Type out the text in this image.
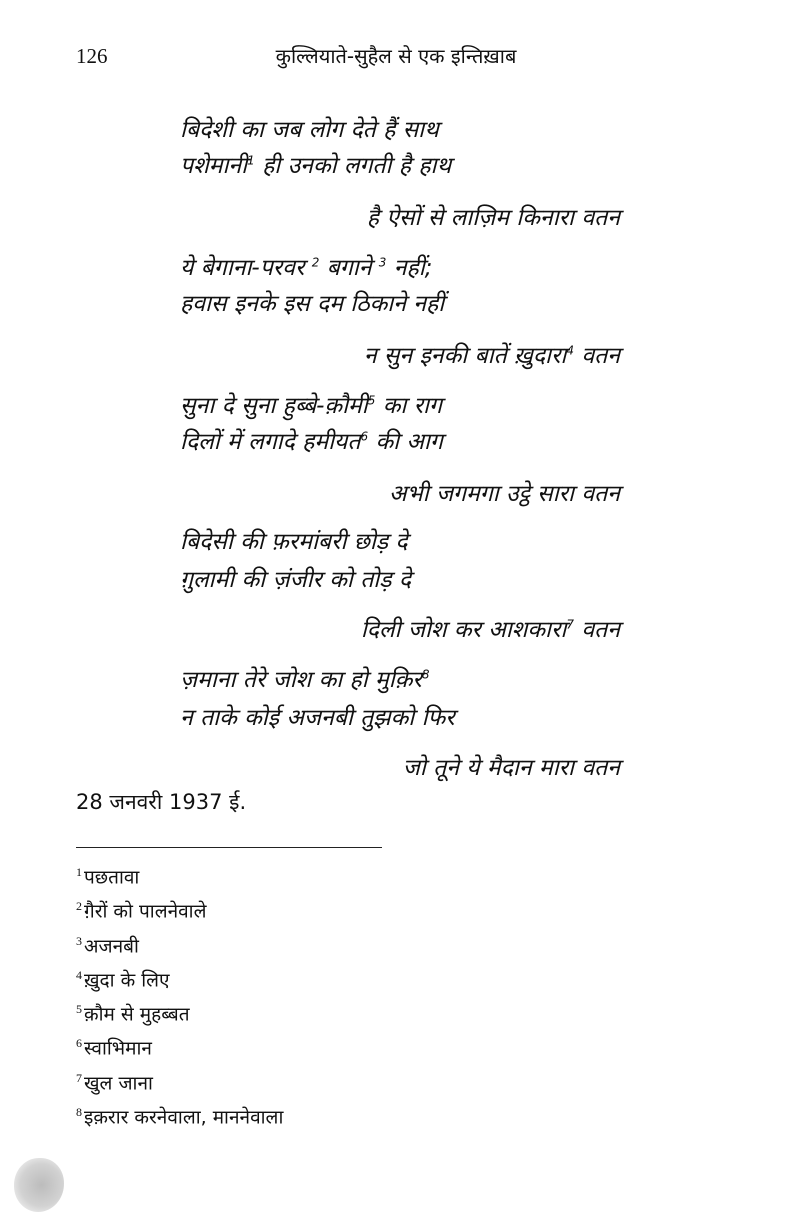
126	कुल्लियाते-सुहैल से एक इन्तिख़ाब
बिदेशी का जब लोग देते हैं साथ
पशेमानी$^1$ ही उनको लगती है हाथ
है ऐसों से लाज़िम किनारा वतन
ये बेगाना-परवर $^2$ बगाने $^3$ नहीं;
हवास इनके इस दम ठिकाने नहीं
न सुन इनकी बातें ख़ुदारा$^4$ वतन
सुना दे सुना हुब्बे-क़ौमी$^5$ का राग
दिलों में लगादे हमीयत$^6$ की आग
अभी जगमगा उट्ठे सारा वतन
बिदेसी की फ़रमांबरी छोड़ दे
ग़ुलामी की ज़ंजीर को तोड़ दे
दिली जोश कर आशकारा$^7$ वतन
ज़माना तेरे जोश का हो मुक़िर$^8$
न ताके कोई अजनबी तुझको फिर
जो तूने ये मैदान मारा वतन
28 जनवरी 1937 ई.
$^1$ पछतावा
$^2$ ग़ैरों को पालनेवाले
$^3$ अजनबी
$^4$ ख़ुदा के लिए
$^5$ क़ौम से मुहब्बत
$^6$ स्वाभिमान
$^7$ खुल जाना
$^8$ इक़रार करनेवाला, माननेवाला
